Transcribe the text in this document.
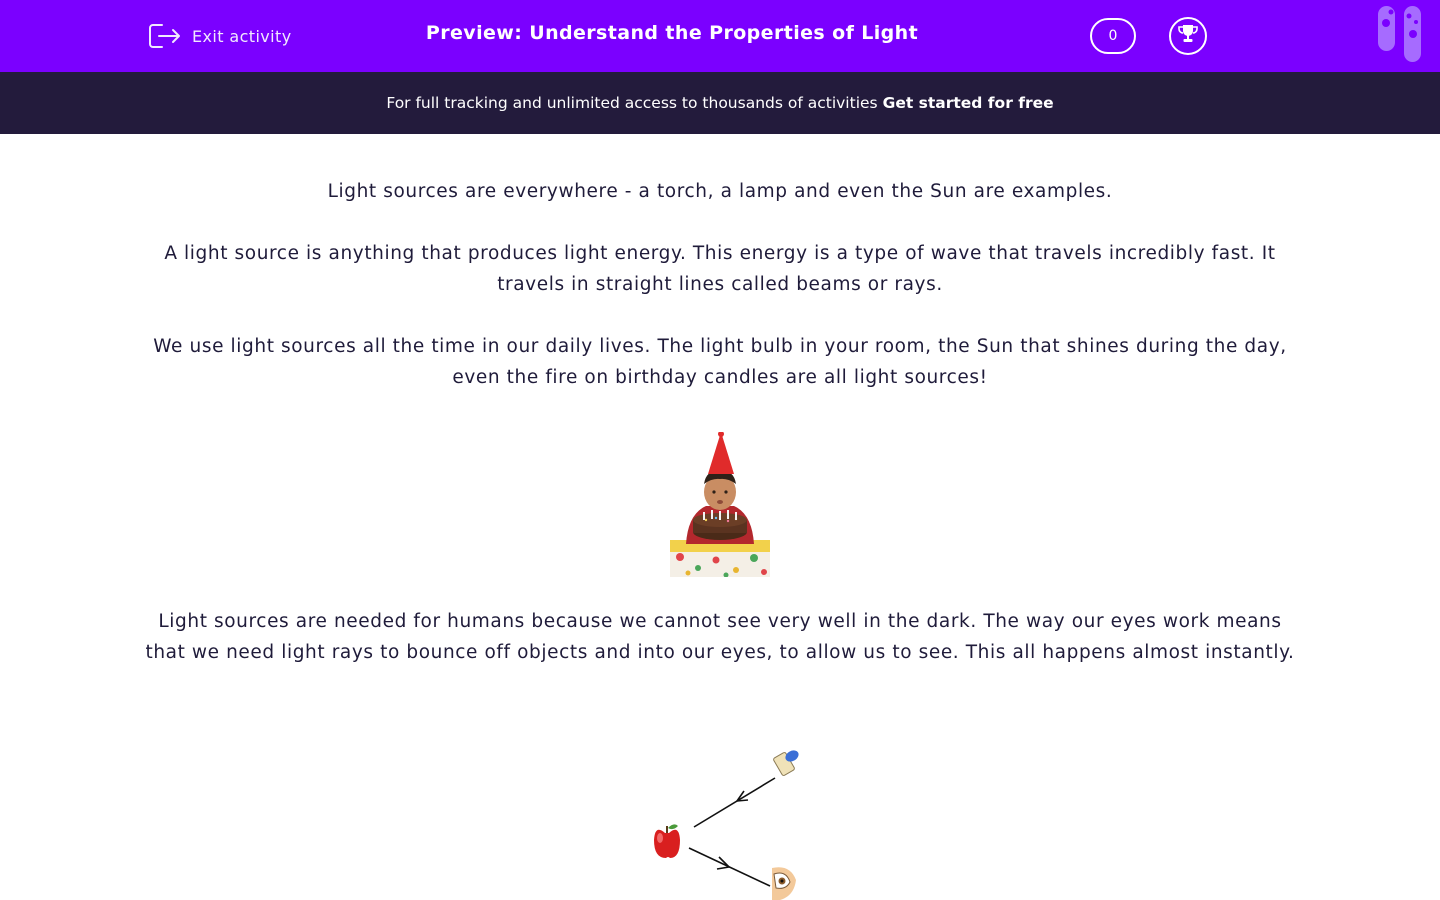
Exit activity	Preview: Understand the Properties of Light	0
For full tracking and unlimited access to thousands of activities Get started for free

Light sources are everywhere - a torch, a lamp and even the Sun are examples.

A light source is anything that produces light energy. This energy is a type of wave that travels incredibly fast. It travels in straight lines called beams or rays.

We use light sources all the time in our daily lives. The light bulb in your room, the Sun that shines during the day, even the fire on birthday candles are all light sources!

Light sources are needed for humans because we cannot see very well in the dark. The way our eyes work means that we need light rays to bounce off objects and into our eyes, to allow us to see. This all happens almost instantly.
